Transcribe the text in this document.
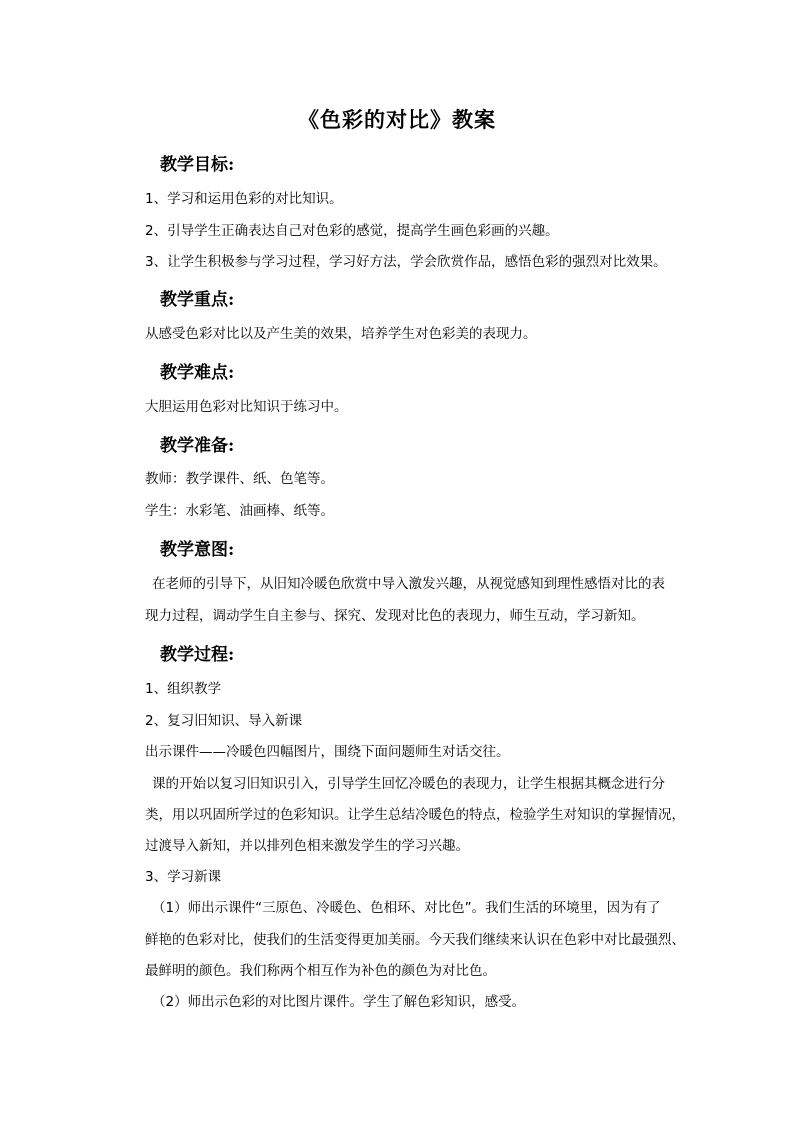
《色彩的对比》教案
教学目标:
1、学习和运用色彩的对比知识。
2、引导学生正确表达自己对色彩的感觉，提高学生画色彩画的兴趣。
3、让学生积极参与学习过程，学习好方法，学会欣赏作品，感悟色彩的强烈对比效果。
教学重点:
从感受色彩对比以及产生美的效果，培养学生对色彩美的表现力。
教学难点:
大胆运用色彩对比知识于练习中。
教学准备:
教师：教学课件、纸、色笔等。
学生：水彩笔、油画棒、纸等。
教学意图:
在老师的引导下，从旧知冷暖色欣赏中导入激发兴趣，从视觉感知到理性感悟对比的表
现力过程，调动学生自主参与、探究、发现对比色的表现力，师生互动，学习新知。
教学过程:
1、组织教学
2、复习旧知识、导入新课
出示课件——冷暖色四幅图片，围绕下面问题师生对话交往。
课的开始以复习旧知识引入，引导学生回忆冷暖色的表现力，让学生根据其概念进行分
类，用以巩固所学过的色彩知识。让学生总结冷暖色的特点，检验学生对知识的掌握情况，
过渡导入新知，并以排列色相来激发学生的学习兴趣。
3、学习新课
（1）师出示课件“三原色、冷暖色、色相环、对比色”。我们生活的环境里，因为有了
鲜艳的色彩对比，使我们的生活变得更加美丽。今天我们继续来认识在色彩中对比最强烈、
最鲜明的颜色。我们称两个相互作为补色的颜色为对比色。
（2）师出示色彩的对比图片课件。学生了解色彩知识，感受。
